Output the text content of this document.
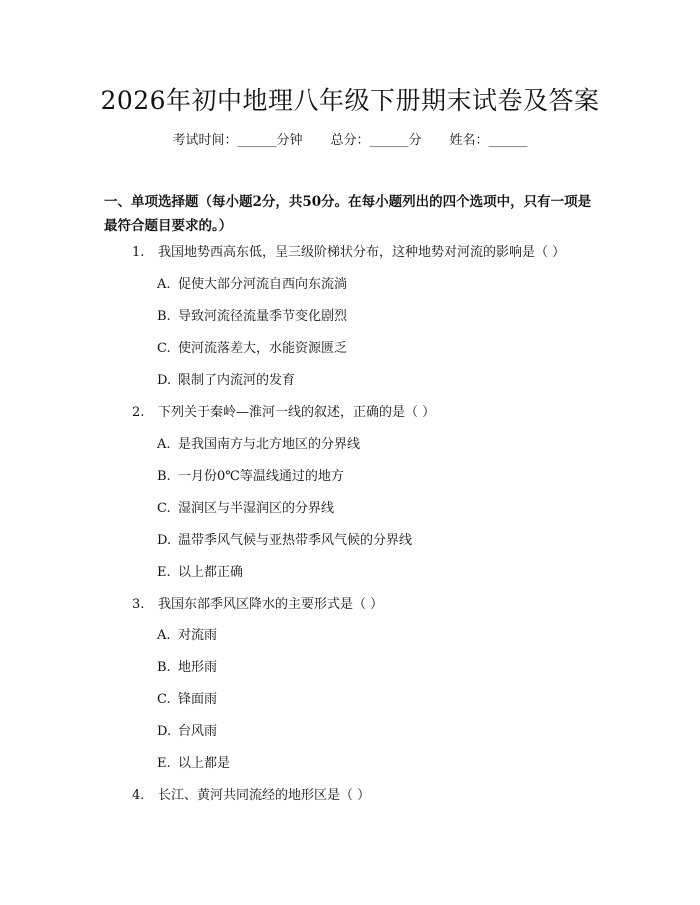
2026年初中地理八年级下册期末试卷及答案
考试时间：______分钟 总分：______分 姓名：______
一、单项选择题（每小题2分，共50分。在每小题列出的四个选项中，只有一项是最符合题目要求的。）
1. 我国地势西高东低，呈三级阶梯状分布，这种地势对河流的影响是（ ）
A. 促使大部分河流自西向东流淌
B. 导致河流径流量季节变化剧烈
C. 使河流落差大，水能资源匮乏
D. 限制了内流河的发育
2. 下列关于秦岭—淮河一线的叙述，正确的是（ ）
A. 是我国南方与北方地区的分界线
B. 一月份0℃等温线通过的地方
C. 湿润区与半湿润区的分界线
D. 温带季风气候与亚热带季风气候的分界线
E. 以上都正确
3. 我国东部季风区降水的主要形式是（ ）
A. 对流雨
B. 地形雨
C. 锋面雨
D. 台风雨
E. 以上都是
4. 长江、黄河共同流经的地形区是（ ）
